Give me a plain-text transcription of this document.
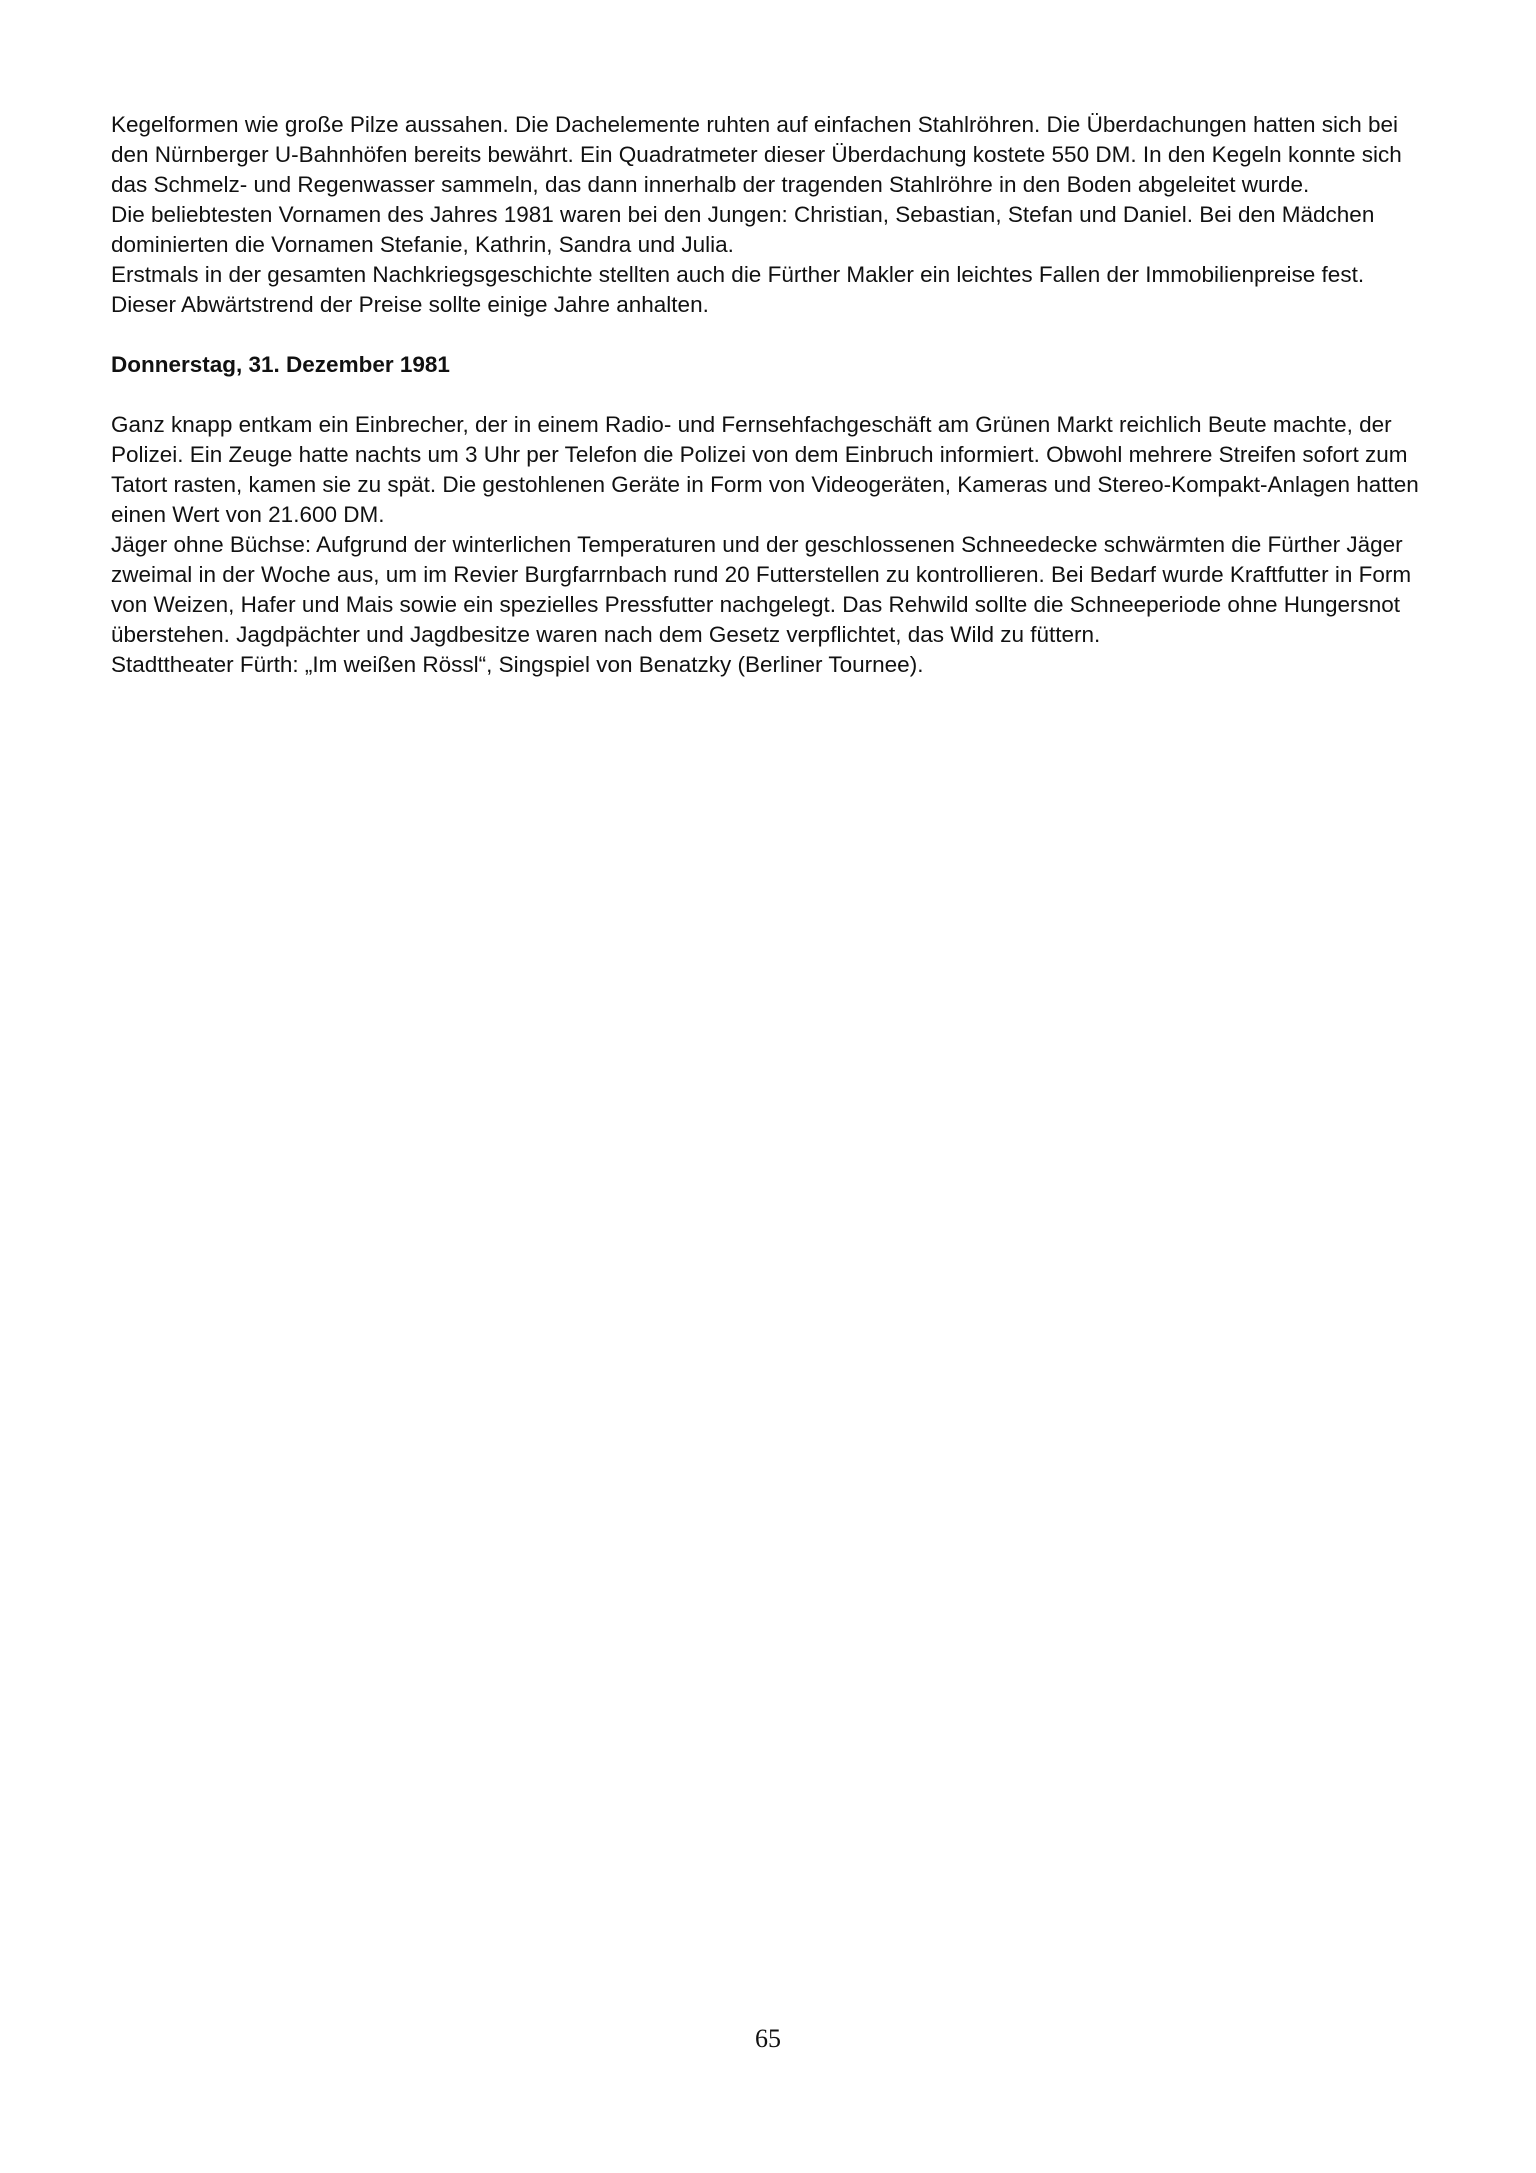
Kegelformen wie große Pilze aussahen. Die Dachelemente ruhten auf einfachen Stahlröhren. Die Überdachungen hatten sich bei den Nürnberger U-Bahnhöfen bereits bewährt. Ein Quadratmeter dieser Überdachung kostete 550 DM. In den Kegeln konnte sich das Schmelz- und Regenwasser sammeln, das dann innerhalb der tragenden Stahlröhre in den Boden abgeleitet wurde.

Die beliebtesten Vornamen des Jahres 1981 waren bei den Jungen: Christian, Sebastian, Stefan und Daniel. Bei den Mädchen dominierten die Vornamen Stefanie, Kathrin, Sandra und Julia.

Erstmals in der gesamten Nachkriegsgeschichte stellten auch die Fürther Makler ein leichtes Fallen der Immobilienpreise fest. Dieser Abwärtstrend der Preise sollte einige Jahre anhalten.

Donnerstag, 31. Dezember 1981

Ganz knapp entkam ein Einbrecher, der in einem Radio- und Fernsehfachgeschäft am Grünen Markt reichlich Beute machte, der Polizei. Ein Zeuge hatte nachts um 3 Uhr per Telefon die Polizei von dem Einbruch informiert. Obwohl mehrere Streifen sofort zum Tatort rasten, kamen sie zu spät. Die gestohlenen Geräte in Form von Videogeräten, Kameras und Stereo-Kompakt-Anlagen hatten einen Wert von 21.600 DM.

Jäger ohne Büchse: Aufgrund der winterlichen Temperaturen und der geschlossenen Schneedecke schwärmten die Fürther Jäger zweimal in der Woche aus, um im Revier Burgfarrnbach rund 20 Futterstellen zu kontrollieren. Bei Bedarf wurde Kraftfutter in Form von Weizen, Hafer und Mais sowie ein spezielles Pressfutter nachgelegt. Das Rehwild sollte die Schneeperiode ohne Hungersnot überstehen. Jagdpächter und Jagdbesitze waren nach dem Gesetz verpflichtet, das Wild zu füttern.

Stadttheater Fürth: „Im weißen Rössl“, Singspiel von Benatzky (Berliner Tournee).

65
